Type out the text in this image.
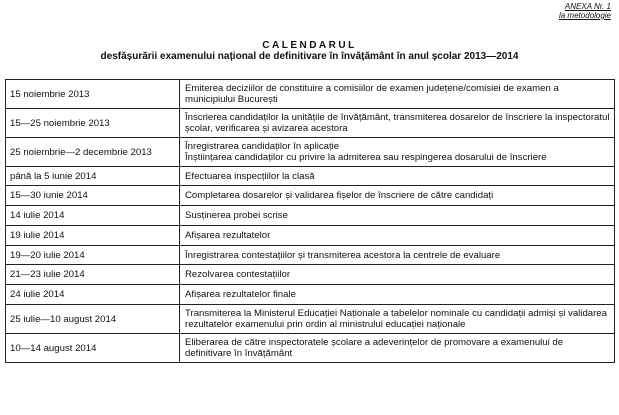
ANEXA Nr. 1
la metodologie
CALENDARUL
desfășurării examenului național de definitivare în învățământ în anul școlar 2013—2014
15 noiembrie 2013	Emiterea deciziilor de constituire a comisiilor de examen județene/comisiei de examen a municipiului București

15—25 noiembrie 2013	Înscrierea candidaților la unitățile de învățământ, transmiterea dosarelor de înscriere la inspectoratul școlar, verificarea și avizarea acestora

25 noiembrie—2 decembrie 2013	Înregistrarea candidaților în aplicație
Înștiințarea candidaților cu privire la admiterea sau respingerea dosarului de înscriere

până la 5 iunie 2014	Efectuarea inspecțiilor la clasă

15—30 iunie 2014	Completarea dosarelor și validarea fișelor de înscriere de către candidați

14 iulie 2014	Susținerea probei scrise

19 iulie 2014	Afișarea rezultatelor

19—20 iulie 2014	Înregistrarea contestațiilor și transmiterea acestora la centrele de evaluare

21—23 iulie 2014	Rezolvarea contestațiilor

24 iulie 2014	Afișarea rezultatelor finale

25 iulie—10 august 2014	Transmiterea la Ministerul Educației Naționale a tabelelor nominale cu candidații admiși și validarea rezultatelor examenului prin ordin al ministrului educației naționale

10—14 august 2014	Eliberarea de către inspectoratele școlare a adeverințelor de promovare a examenului de definitivare în învățământ
